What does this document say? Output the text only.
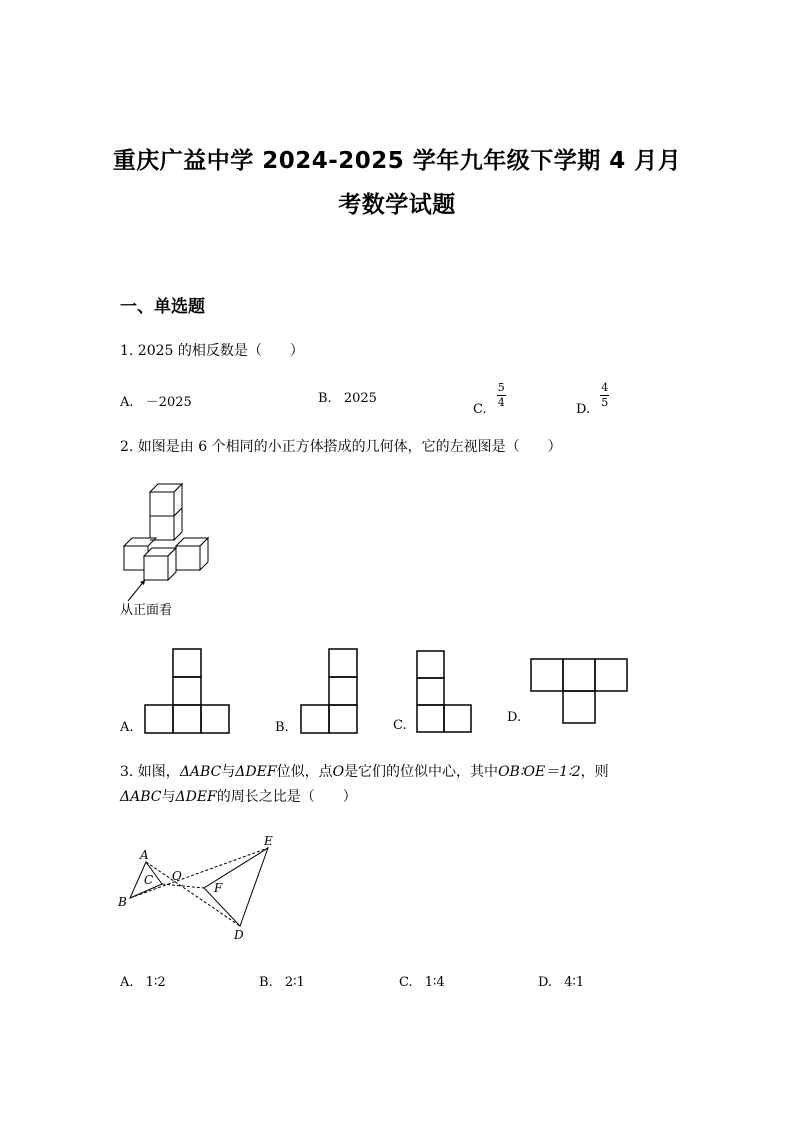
重庆广益中学 2024-2025 学年九年级下学期 4 月月
考数学试题
一、单选题
1. 2025 的相反数是（　　）
A. －2025	B. 2025
C.
$\frac{5}{4}$
D.
$\frac{4}{5}$
2. 如图是由 6 个相同的小正方体搭成的几何体，它的左视图是（　　）
从正面看
A.	B.	C.
D.
3. 如图，ΔABC与ΔDEF位似，点O是它们的位似中心，其中OB∶OE＝1∶2，则
ΔABC与ΔDEF的周长之比是（　　）
A
B
C O
F
E
D
A. 1∶2	B. 2∶1	C. 1∶4	D. 4∶1
